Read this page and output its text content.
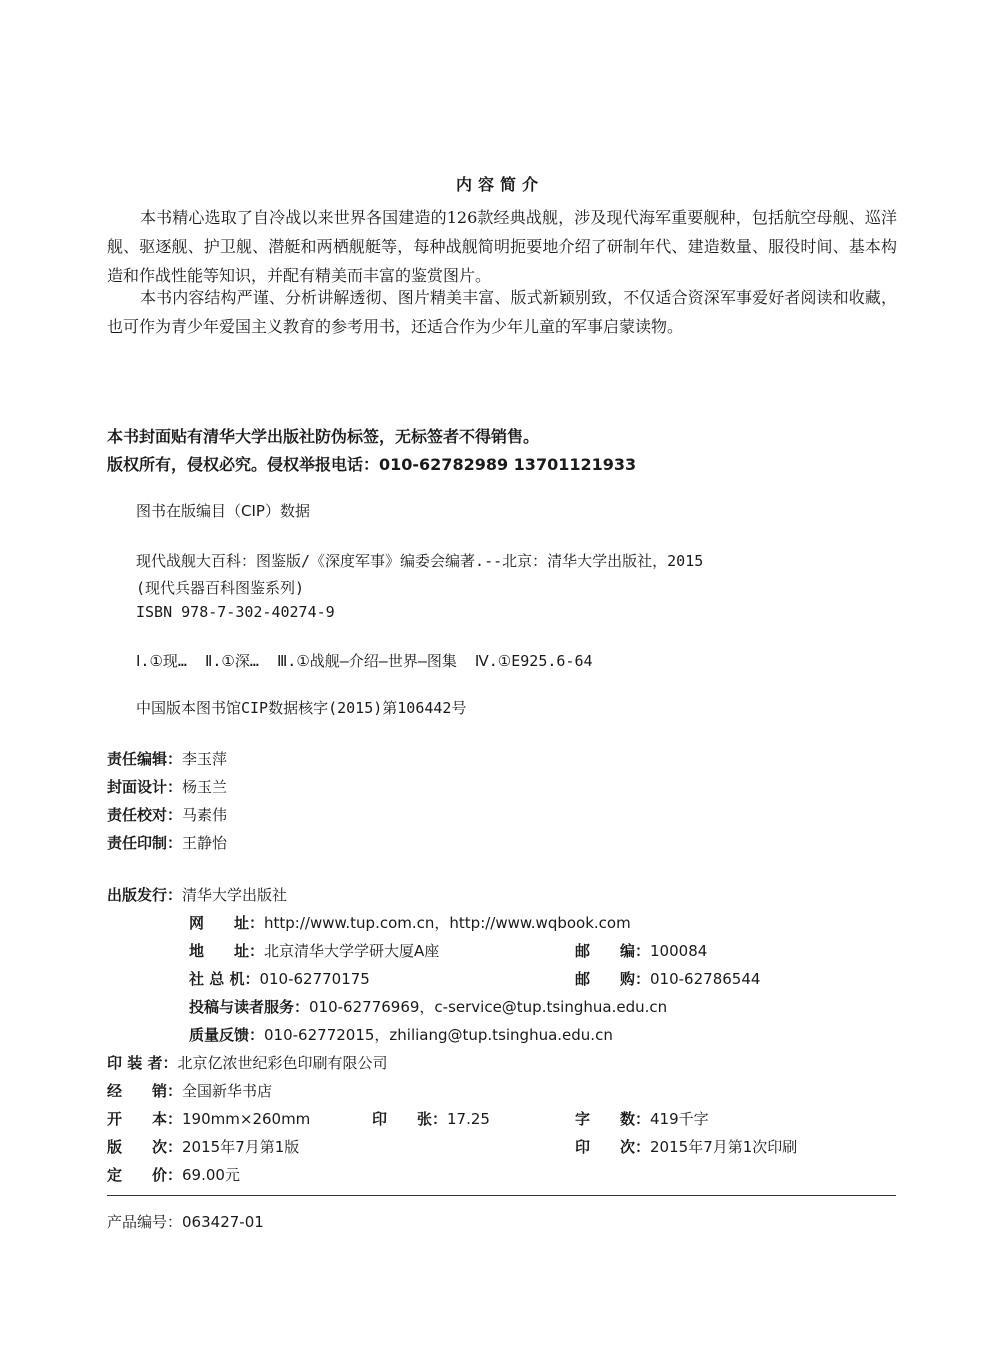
内容简介
本书精心选取了自冷战以来世界各国建造的126款经典战舰，涉及现代海军重要舰种，包括航空母舰、巡洋舰、驱逐舰、护卫舰、潜艇和两栖舰艇等，每种战舰简明扼要地介绍了研制年代、建造数量、服役时间、基本构造和作战性能等知识，并配有精美而丰富的鉴赏图片。
本书内容结构严谨、分析讲解透彻、图片精美丰富、版式新颖别致，不仅适合资深军事爱好者阅读和收藏，也可作为青少年爱国主义教育的参考用书，还适合作为少年儿童的军事启蒙读物。
本书封面贴有清华大学出版社防伪标签，无标签者不得销售。
版权所有，侵权必究。侵权举报电话：010-62782989 13701121933
图书在版编目（CIP）数据
现代战舰大百科：图鉴版/《深度军事》编委会编著.--北京：清华大学出版社，2015
(现代兵器百科图鉴系列)
ISBN 978-7-302-40274-9
Ⅰ.①现…  Ⅱ.①深…  Ⅲ.①战舰—介绍—世界—图集  Ⅳ.①E925.6-64
中国版本图书馆CIP数据核字(2015)第106442号
责任编辑：李玉萍
封面设计：杨玉兰
责任校对：马素伟
责任印制：王静怡
出版发行：清华大学出版社
网　　址：http://www.tup.com.cn，http://www.wqbook.com
地　　址：北京清华大学学研大厦A座	邮　　编：100084
社 总 机：010-62770175	邮　　购：010-62786544
投稿与读者服务：010-62776969，c-service@tup.tsinghua.edu.cn
质量反馈：010-62772015，zhiliang@tup.tsinghua.edu.cn
印 装 者：北京亿浓世纪彩色印刷有限公司
经　　销：全国新华书店
开　　本：190mm×260mm	印　　张：17.25	字　　数：419千字
版　　次：2015年7月第1版	印　　次：2015年7月第1次印刷
定　　价：69.00元
产品编号：063427-01
